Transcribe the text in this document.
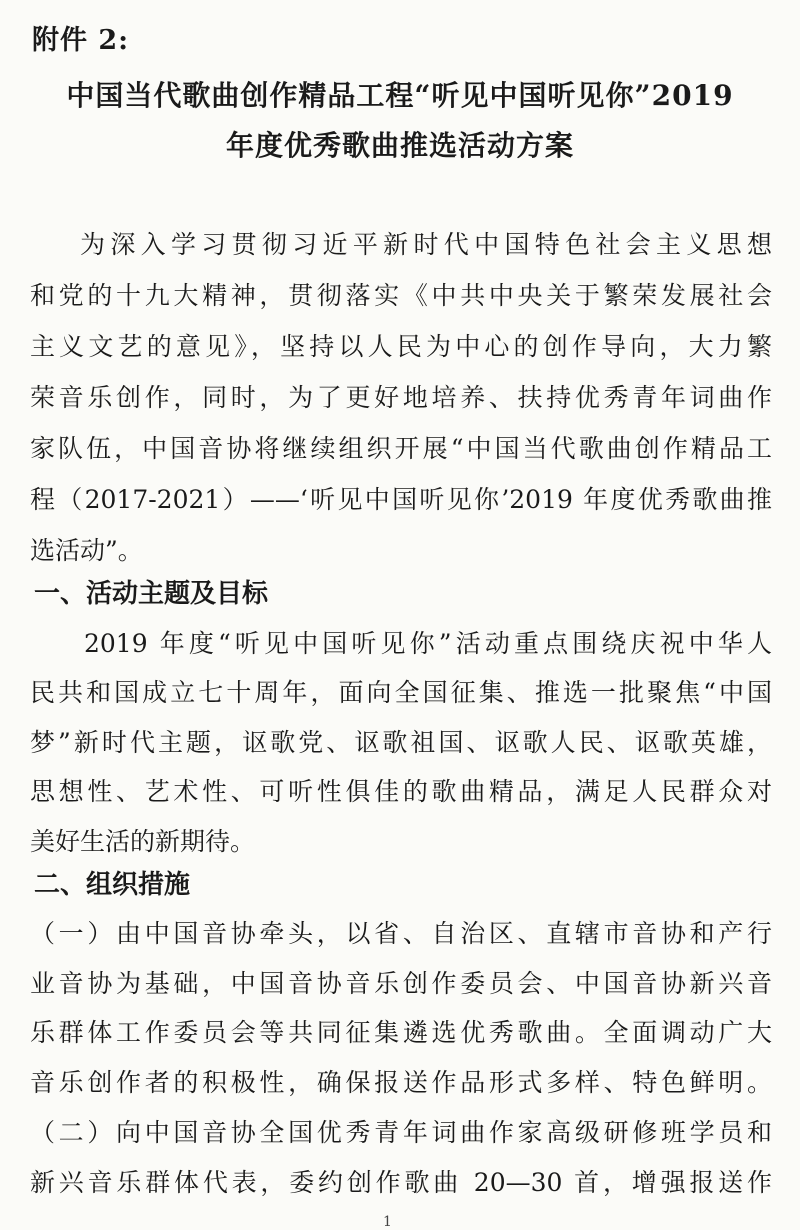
附件 2:
中国当代歌曲创作精品工程“听见中国听见你”2019
年度优秀歌曲推选活动方案
为深入学习贯彻习近平新时代中国特色社会主义思想
和党的十九大精神，贯彻落实《中共中央关于繁荣发展社会
主义文艺的意见》，坚持以人民为中心的创作导向，大力繁
荣音乐创作，同时，为了更好地培养、扶持优秀青年词曲作
家队伍，中国音协将继续组织开展“中国当代歌曲创作精品工
程（2017-2021）——‘听见中国听见你’2019 年度优秀歌曲推
选活动”。
一、活动主题及目标
2019 年度“听见中国听见你”活动重点围绕庆祝中华人
民共和国成立七十周年，面向全国征集、推选一批聚焦“中国
梦”新时代主题，讴歌党、讴歌祖国、讴歌人民、讴歌英雄，
思想性、艺术性、可听性俱佳的歌曲精品，满足人民群众对
美好生活的新期待。
二、组织措施
（一）由中国音协牵头，以省、自治区、直辖市音协和产行
业音协为基础，中国音协音乐创作委员会、中国音协新兴音
乐群体工作委员会等共同征集遴选优秀歌曲。全面调动广大
音乐创作者的积极性，确保报送作品形式多样、特色鲜明。
（二）向中国音协全国优秀青年词曲作家高级研修班学员和
新兴音乐群体代表，委约创作歌曲 20—30 首，增强报送作
1
